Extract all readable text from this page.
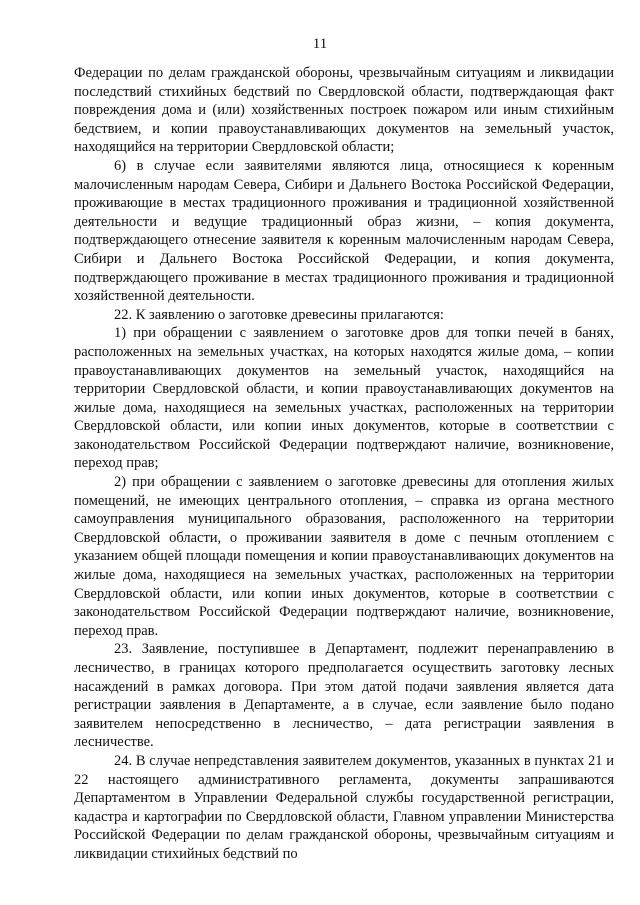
11

Федерации по делам гражданской обороны, чрезвычайным ситуациям и ликвидации последствий стихийных бедствий по Свердловской области, подтверждающая факт повреждения дома и (или) хозяйственных построек пожаром или иным стихийным бедствием, и копии правоустанавливающих документов на земельный участок, находящийся на территории Свердловской области;

6) в случае если заявителями являются лица, относящиеся к коренным малочисленным народам Севера, Сибири и Дальнего Востока Российской Федерации, проживающие в местах традиционного проживания и традиционной хозяйственной деятельности и ведущие традиционный образ жизни, – копия документа, подтверждающего отнесение заявителя к коренным малочисленным народам Севера, Сибири и Дальнего Востока Российской Федерации, и копия документа, подтверждающего проживание в местах традиционного проживания и традиционной хозяйственной деятельности.

22. К заявлению о заготовке древесины прилагаются:

1) при обращении с заявлением о заготовке дров для топки печей в банях, расположенных на земельных участках, на которых находятся жилые дома, – копии правоустанавливающих документов на земельный участок, находящийся на территории Свердловской области, и копии правоустанавливающих документов на жилые дома, находящиеся на земельных участках, расположенных на территории Свердловской области, или копии иных документов, которые в соответствии с законодательством Российской Федерации подтверждают наличие, возникновение, переход прав;

2) при обращении с заявлением о заготовке древесины для отопления жилых помещений, не имеющих центрального отопления, – справка из органа местного самоуправления муниципального образования, расположенного на территории Свердловской области, о проживании заявителя в доме с печным отоплением с указанием общей площади помещения и копии правоустанавливающих документов на жилые дома, находящиеся на земельных участках, расположенных на территории Свердловской области, или копии иных документов, которые в соответствии с законодательством Российской Федерации подтверждают наличие, возникновение, переход прав.

23. Заявление, поступившее в Департамент, подлежит перенаправлению в лесничество, в границах которого предполагается осуществить заготовку лесных насаждений в рамках договора. При этом датой подачи заявления является дата регистрации заявления в Департаменте, а в случае, если заявление было подано заявителем непосредственно в лесничество, – дата регистрации заявления в лесничестве.

24. В случае непредставления заявителем документов, указанных в пунктах 21 и 22 настоящего административного регламента, документы запрашиваются Департаментом в Управлении Федеральной службы государственной регистрации, кадастра и картографии по Свердловской области, Главном управлении Министерства Российской Федерации по делам гражданской обороны, чрезвычайным ситуациям и ликвидации стихийных бедствий по
